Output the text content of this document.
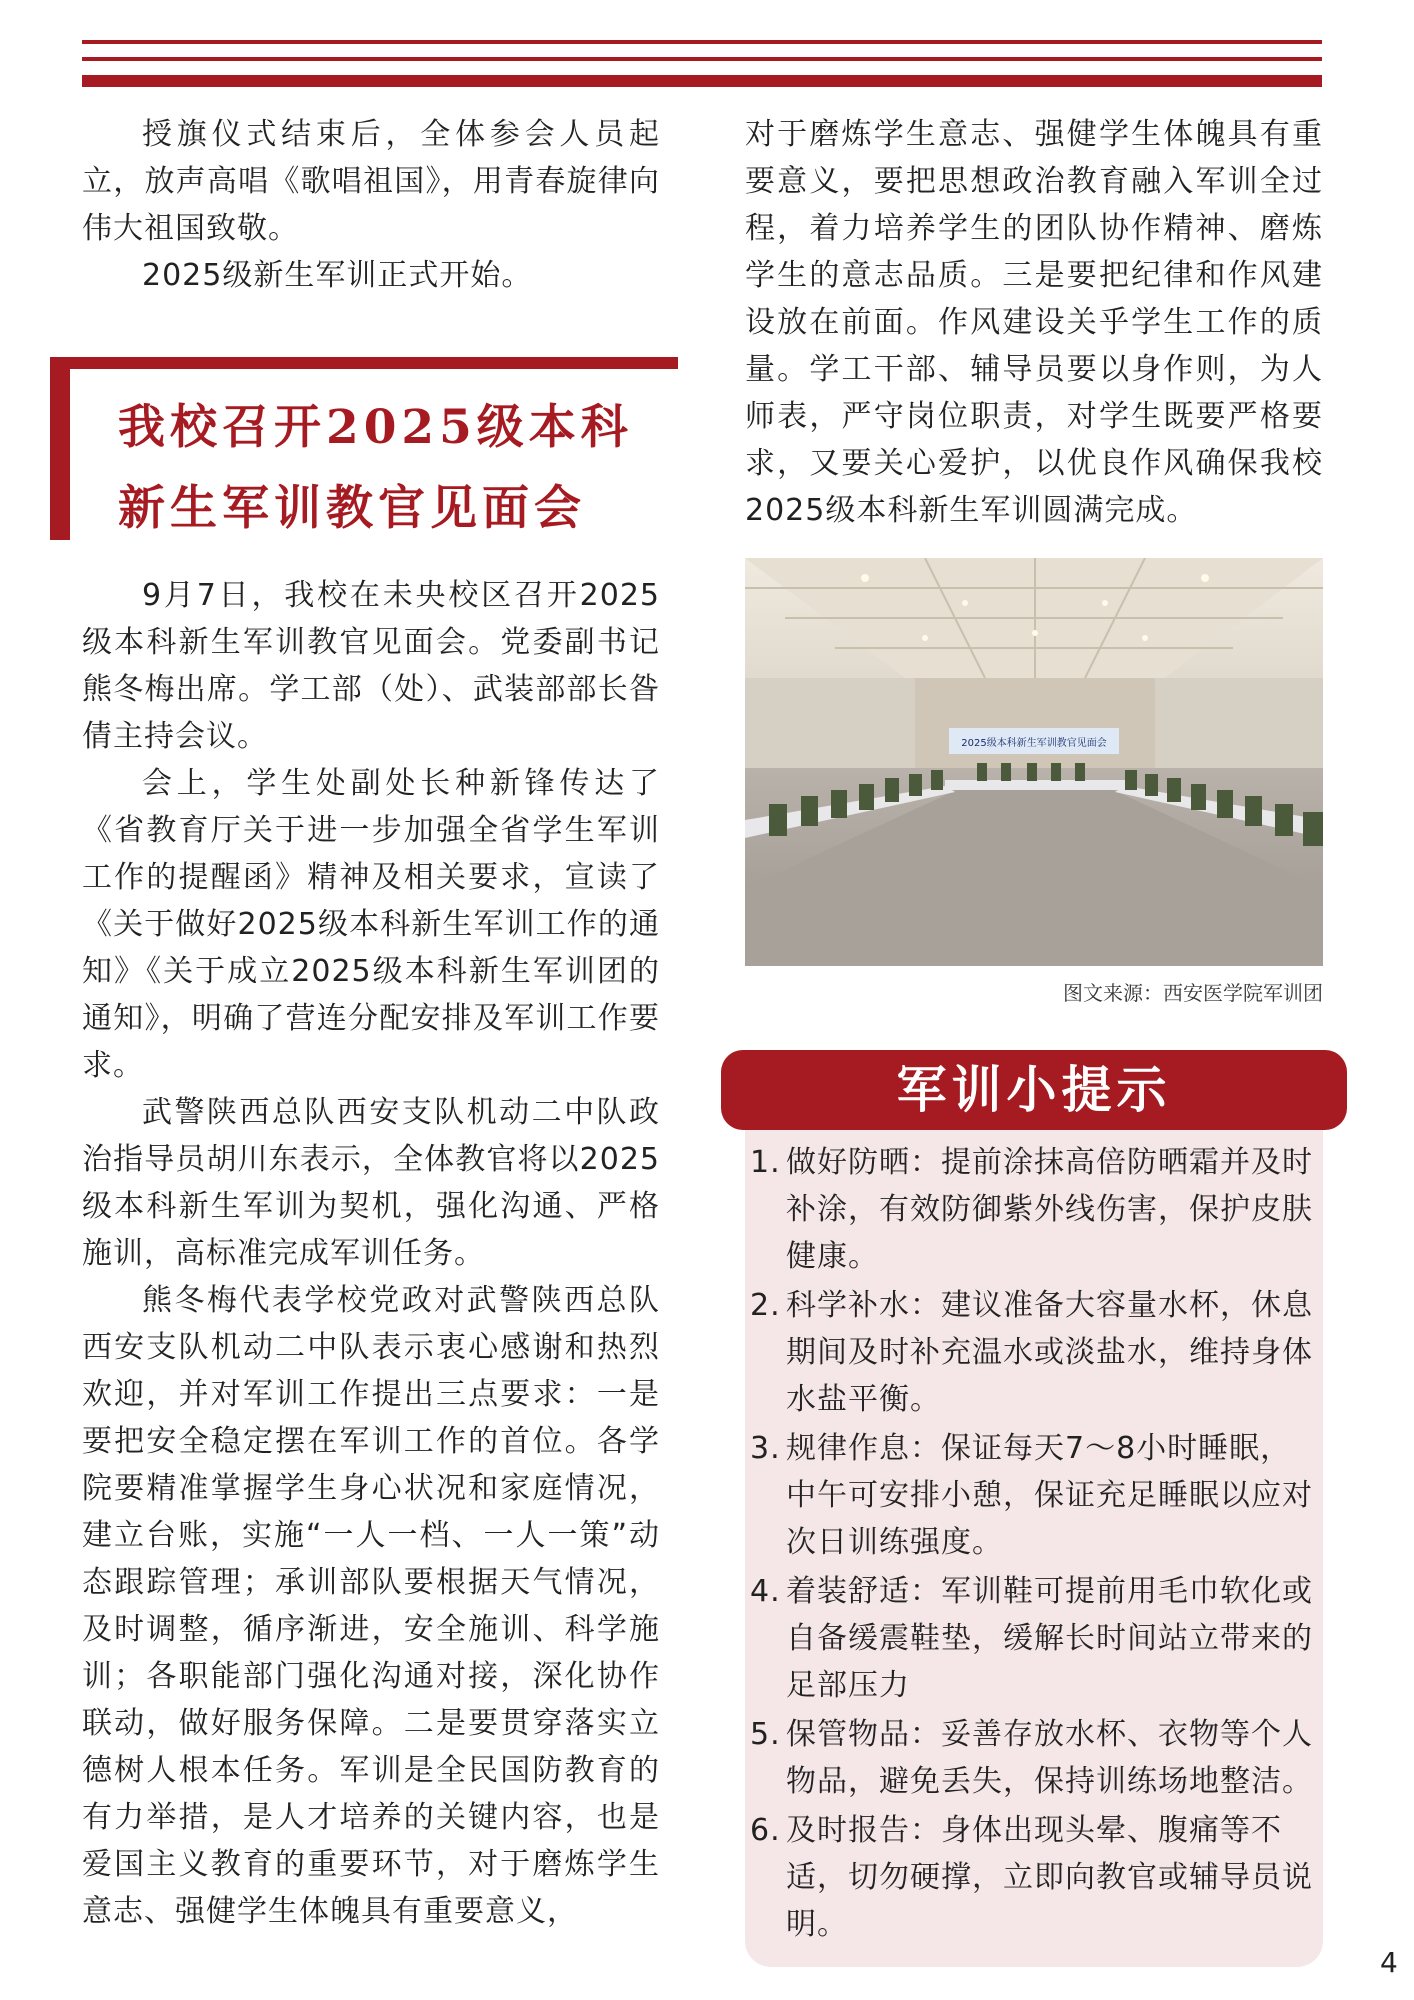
授旗仪式结束后，全体参会人员起立，放声高唱《歌唱祖国》，用青春旋律向伟大祖国致敬。

2025级新生军训正式开始。

我校召开2025级本科新生军训教官见面会

9月7日，我校在未央校区召开2025级本科新生军训教官见面会。党委副书记熊冬梅出席。学工部（处）、武装部部长昝倩主持会议。

会上，学生处副处长种新锋传达了《省教育厅关于进一步加强全省学生军训工作的提醒函》精神及相关要求，宣读了《关于做好2025级本科新生军训工作的通知》《关于成立2025级本科新生军训团的通知》，明确了营连分配安排及军训工作要求。

武警陕西总队西安支队机动二中队政治指导员胡川东表示，全体教官将以2025级本科新生军训为契机，强化沟通、严格施训，高标准完成军训任务。

熊冬梅代表学校党政对武警陕西总队西安支队机动二中队表示衷心感谢和热烈欢迎，并对军训工作提出三点要求：一是要把安全稳定摆在军训工作的首位。各学院要精准掌握学生身心状况和家庭情况，建立台账，实施“一人一档、一人一策”动态跟踪管理；承训部队要根据天气情况，及时调整，循序渐进，安全施训、科学施训；各职能部门强化沟通对接，深化协作联动，做好服务保障。二是要贯穿落实立德树人根本任务。军训是全民国防教育的有力举措，是人才培养的关键内容，也是爱国主义教育的重要环节，对于磨炼学生意志、强健学生体魄具有重要意义，

对于磨炼学生意志、强健学生体魄具有重要意义，要把思想政治教育融入军训全过程，着力培养学生的团队协作精神、磨炼学生的意志品质。三是要把纪律和作风建设放在前面。作风建设关乎学生工作的质量。学工干部、辅导员要以身作则，为人师表，严守岗位职责，对学生既要严格要求，又要关心爱护，以优良作风确保我校2025级本科新生军训圆满完成。

2025级本科新生军训教官见面会
图文来源：西安医学院军训团
军训小提示
1. 做好防晒：提前涂抹高倍防晒霜并及时补涂，有效防御紫外线伤害，保护皮肤健康。
2. 科学补水：建议准备大容量水杯，休息期间及时补充温水或淡盐水，维持身体水盐平衡。
3. 规律作息：保证每天7～8小时睡眠，中午可安排小憩，保证充足睡眠以应对次日训练强度。
4. 着装舒适：军训鞋可提前用毛巾软化或自备缓震鞋垫，缓解长时间站立带来的足部压力
5. 保管物品：妥善存放水杯、衣物等个人物品，避免丢失，保持训练场地整洁。
6. 及时报告：身体出现头晕、腹痛等不适，切勿硬撑，立即向教官或辅导员说明。
4
